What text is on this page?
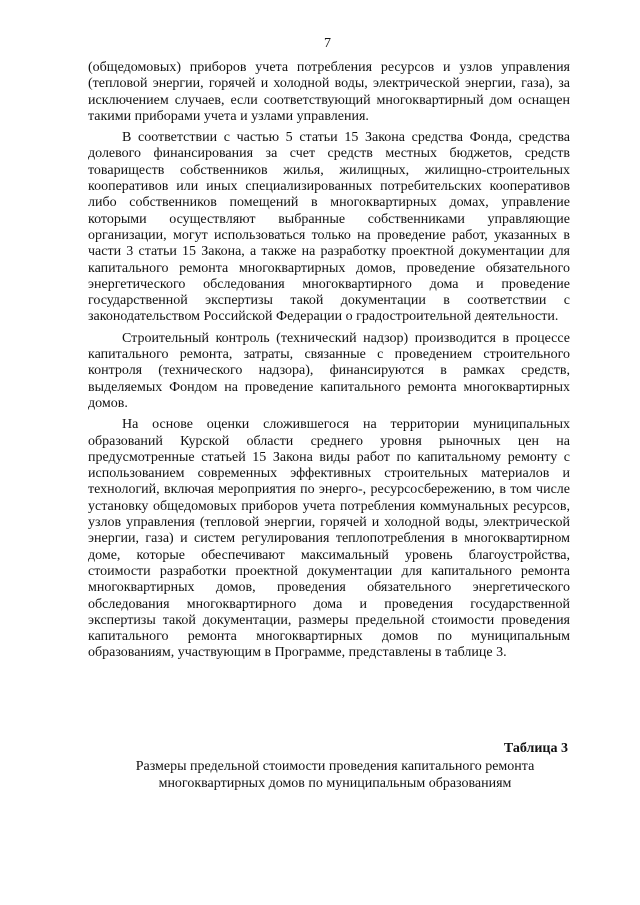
7

(общедомовых) приборов учета потребления ресурсов и узлов управления (тепловой энергии, горячей и холодной воды, электрической энергии, газа), за исключением случаев, если соответствующий многоквартирный дом оснащен такими приборами учета и узлами управления.

В соответствии с частью 5 статьи 15 Закона средства Фонда, средства долевого финансирования за счет средств местных бюджетов, средств товариществ собственников жилья, жилищных, жилищно-строительных кооперативов или иных специализированных потребительских кооперативов либо собственников помещений в многоквартирных домах, управление которыми осуществляют выбранные собственниками управляющие организации, могут использоваться только на проведение работ, указанных в части 3 статьи 15 Закона, а также на разработку проектной документации для капитального ремонта многоквартирных домов, проведение обязательного энергетического обследования многоквартирного дома и проведение государственной экспертизы такой документации в соответствии с законодательством Российской Федерации о градостроительной деятельности.

Строительный контроль (технический надзор) производится в процессе капитального ремонта, затраты, связанные с проведением строительного контроля (технического надзора), финансируются в рамках средств, выделяемых Фондом на проведение капитального ремонта многоквартирных домов.

На основе оценки сложившегося на территории муниципальных образований Курской области среднего уровня рыночных цен на предусмотренные статьей 15 Закона виды работ по капитальному ремонту с использованием современных эффективных строительных материалов и технологий, включая мероприятия по энерго-, ресурсосбережению, в том числе установку общедомовых приборов учета потребления коммунальных ресурсов, узлов управления (тепловой энергии, горячей и холодной воды, электрической энергии, газа) и систем регулирования теплопотребления в многоквартирном доме, которые обеспечивают максимальный уровень благоустройства, стоимости разработки проектной документации для капитального ремонта многоквартирных домов, проведения обязательного энергетического обследования многоквартирного дома и проведения государственной экспертизы такой документации, размеры предельной стоимости проведения капитального ремонта многоквартирных домов по муниципальным образованиям, участвующим в Программе, представлены в таблице 3.

Таблица 3
Размеры предельной стоимости проведения капитального ремонта
многоквартирных домов по муниципальным образованиям
